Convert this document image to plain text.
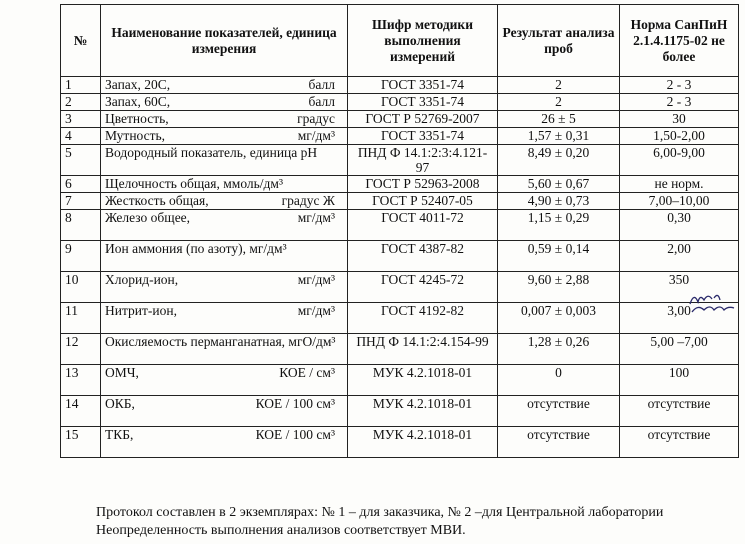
№	Наименование показателей, единица измерения	Шифр методики выполнения измерений	Результат анализа проб	Норма СанПиН 2.1.4.1175-02 не более
1	Запах, 20С, балл	ГОСТ 3351-74	2	2 - 3
2	Запах, 60С, балл	ГОСТ 3351-74	2	2 - 3
3	Цветность, градус	ГОСТ Р 52769-2007	26 ± 5	30
4	Мутность, мг/дм³	ГОСТ 3351-74	1,57 ± 0,31	1,50-2,00
5	Водородный показатель, единица pH	ПНД Ф 14.1:2:3:4.121-97	8,49 ± 0,20	6,00-9,00
6	Щелочность общая, ммоль/дм³	ГОСТ Р 52963-2008	5,60 ± 0,67	не норм.
7	Жесткость общая, градус Ж	ГОСТ Р 52407-05	4,90 ± 0,73	7,00–10,00
8	Железо общее, мг/дм³	ГОСТ 4011-72	1,15 ± 0,29	0,30
9	Ион аммония (по азоту), мг/дм³	ГОСТ 4387-82	0,59 ± 0,14	2,00
10	Хлорид-ион, мг/дм³	ГОСТ 4245-72	9,60 ± 2,88	350
11	Нитрит-ион, мг/дм³	ГОСТ 4192-82	0,007 ± 0,003	3,00
12	Окисляемость перманганатная, мгО/дм³	ПНД Ф 14.1:2:4.154-99	1,28 ± 0,26	5,00 –7,00
13	ОМЧ, КОЕ / см³	МУК 4.2.1018-01	0	100
14	ОКБ, КОЕ / 100 см³	МУК 4.2.1018-01	отсутствие	отсутствие
15	ТКБ, КОЕ / 100 см³	МУК 4.2.1018-01	отсутствие	отсутствие
Протокол составлен в 2 экземплярах: № 1 – для заказчика, № 2 –для Центральной лаборатории
Неопределенность выполнения анализов соответствует МВИ.
